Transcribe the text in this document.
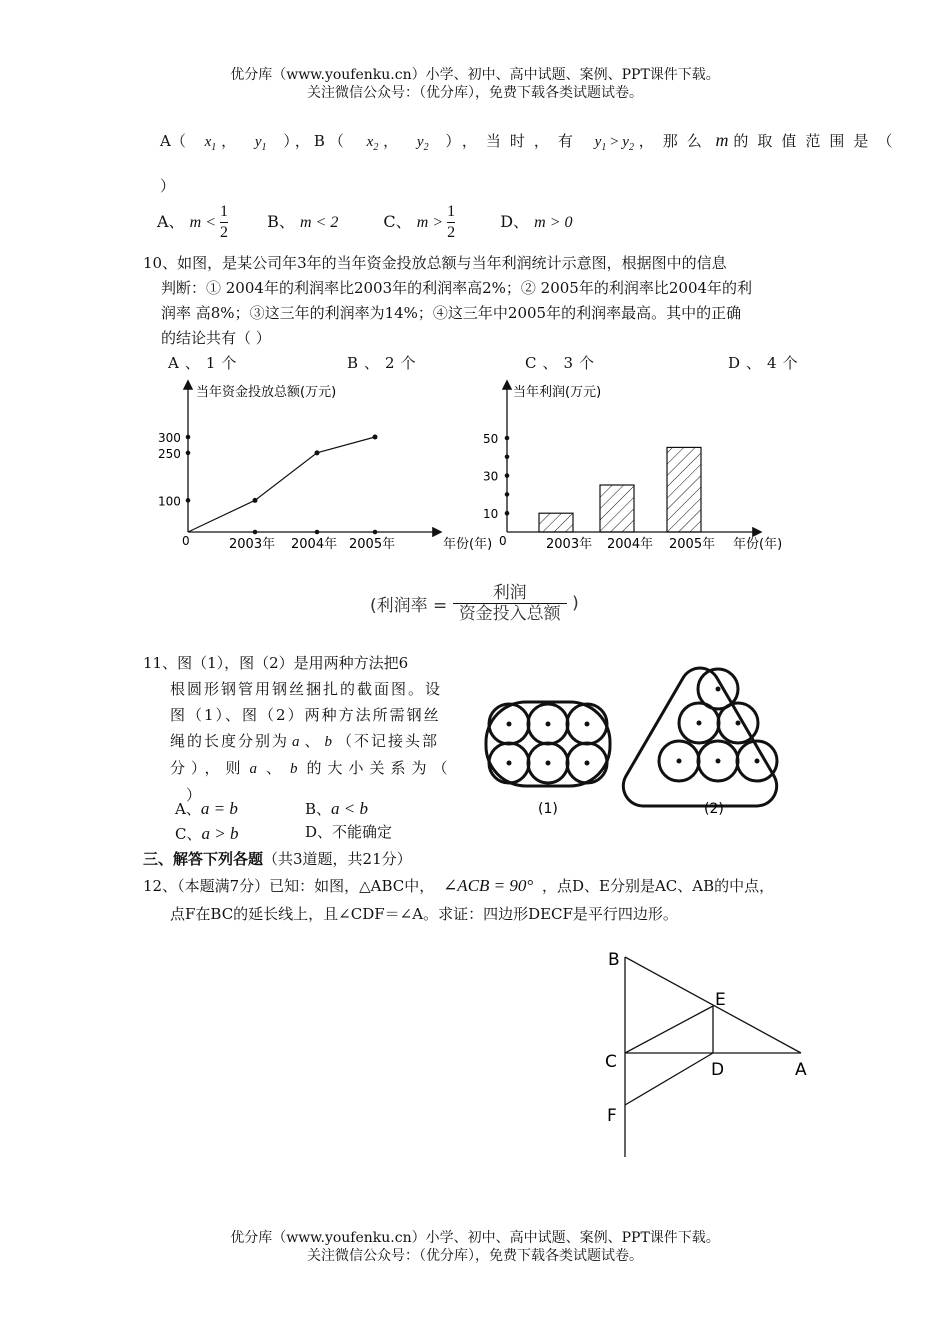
优分库（www.youfenku.cn）小学、初中、高中试题、案例、PPT课件下载。
关注微信公众号：（优分库），免费下载各类试题试卷。
A（ $x_1$ ， $y_1$ ），B（ $x_2$ ， $y_2$ ），当时，有 $y_1 > y_2$ ，那么 m 的取值范围是（
）
A、 $m < \frac{1}{2}$ B、 m < 2	C、 $m > \frac{1}{2}$	D、 m > 0
10、如图，是某公司年3年的当年资金投放总额与当年利润统计示意图，根据图中的信息
判断：① 2004年的利润率比2003年的利润率高2%；② 2005年的利润率比2004年的利
润率 高8%；③这三年的利润率为14%；④这三年中2005年的利润率最高。其中的正确
的结论共有（ ）
A、1个	B、2个	C、3个	D、4个
当年资金投放总额(万元)
0	年份(年)
100
250
300
2003年 2004年 2005年
当年利润(万元)
0	年份(年)
10
30
50
2003年 2004年 2005年
(利润率 = $\frac{\text{利润}}{\text{资金投入总额}}$ )
11、图（1），图（2）是用两种方法把6
根圆形钢管用钢丝捆扎的截面图。设
图（1）、图（2）两种方法所需钢丝
绳的长度分别为 a 、 b （不记接头部
分），则 a 、 b 的大小关系为（
）
A、a = b	B、a < b
C、a > b	D、不能确定
(1)	(2)
三、解答下列各题（共3道题，共21分）
12、（本题满7分）已知：如图，△ABC中， ∠ACB = 90° ，点D、E分别是AC、AB的中点，
点F在BC的延长线上，且∠CDF＝∠A。求证：四边形DECF是平行四边形。
B
E
C	D	A
F
优分库（www.youfenku.cn）小学、初中、高中试题、案例、PPT课件下载。
关注微信公众号：（优分库），免费下载各类试题试卷。
